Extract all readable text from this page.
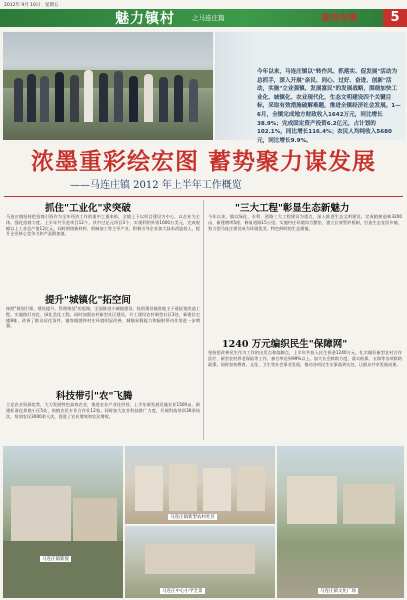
2012年 9月 10日　星期五
魅力镇村	之马连庄篇	莱西市情	5
今年以来，马连庄镇以"转作风、抓落实、促发展"活动为总抓手，深入开展"亲民、同心、过好、奋进、创新"活动，实施"立业强镇、发展富民"的发展战略，围绕加快工业化、城镇化、农业现代化，生态文明建设四个关键目标，采取有效措施破解难题，推进全镇经济社会发展。1—6月，全镇完成地方财政收入1642万元，同比增长38.9%；完成固定资产投资6.2亿元，占计划的102.1%，同比增长116.4%；农民人均纯收入5680元，同比增长9.9%。
浓墨重彩绘宏图 蓄势聚力谋发展
——马连庄镇 2012 年上半年工作概览
抓住"工业化"求突破
马连庄镇坚持把招商引资作为全年经济工作的重中之重来抓，全镇上下以项目建设为中心，以企业为主体，强化招商力度。上半年共引进项目12个，其中过亿元项目3个，实现利用外资1600万美元，完成规模以上工业总产值12亿元。同时围绕新材料、机械加工等主导产业，积极引导企业加大技术改造投入，提升企业核心竞争力和产品附加值。
提升"城镇化"拓空间
按照"规划引领、建设提升、管理规范"的思路，全面推进小城镇建设。投资建设镇驻地主干道拓宽改造工程，实施路灯亮化、绿化美化工程。同时加强农村新型社区建设，开工建设农村新型社区3处，新建住宅楼8栋，改善了群众居住条件，镇容镇貌和村庄环境明显改善，城镇承载能力和辐射带动作用进一步增强。
科技带引"农"飞腾
立足农业资源优势，大力发展特色高效农业，推进农业产业化经营。上半年新发展设施农业1500亩，新建标准化养殖小区5处，培植农民专业合作社12家。同时加大农业科技推广力度，开展科技培训30余场次，培训农民3000余人次，促进了农业增效和农民增收。
"三大工程"彰显生态新魅力
今年以来，镇以绿化、水利、道路三大工程建设为重点，深入推进生态文明建设。完成植树造林3200亩，新建塘坝5座，修复道路15公里。实施村庄环境综合整治，建立长效管护机制，打造生态宜居乡镇，努力把马连庄建设成为环境优美、特色鲜明的生态强镇。
1240 万元编织民生"保障网"
坚持把改善民生作为工作的出发点和落脚点，上半年共投入民生资金1240万元。扎实做好新型农村合作医疗、新型农村养老保险等工作，参合率达到99%以上。加大社会救助力度，落实低保、五保等各项救助政策。同时加快教育、文化、卫生等社会事业发展，推动各项民生实事落到实处，让群众共享发展成果。
马连庄镇新貌
马连庄镇新型农村社区
马连庄中心小学全景	马连庄镇文化广场
